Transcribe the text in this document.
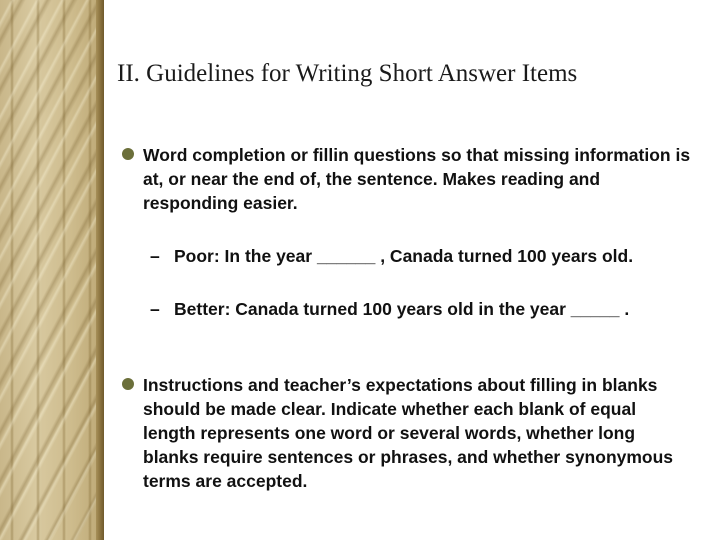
II. Guidelines for Writing Short Answer Items
Word completion or fillin questions so that missing information is at, or near the end of, the sentence. Makes reading and responding easier.
– Poor: In the year ______ , Canada turned 100 years old.
– Better: Canada turned 100 years old in the year _____ .
Instructions and teacher’s expectations about filling in blanks should be made clear. Indicate whether each blank of equal length represents one word or several words, whether long blanks require sentences or phrases, and whether synonymous terms are accepted.
